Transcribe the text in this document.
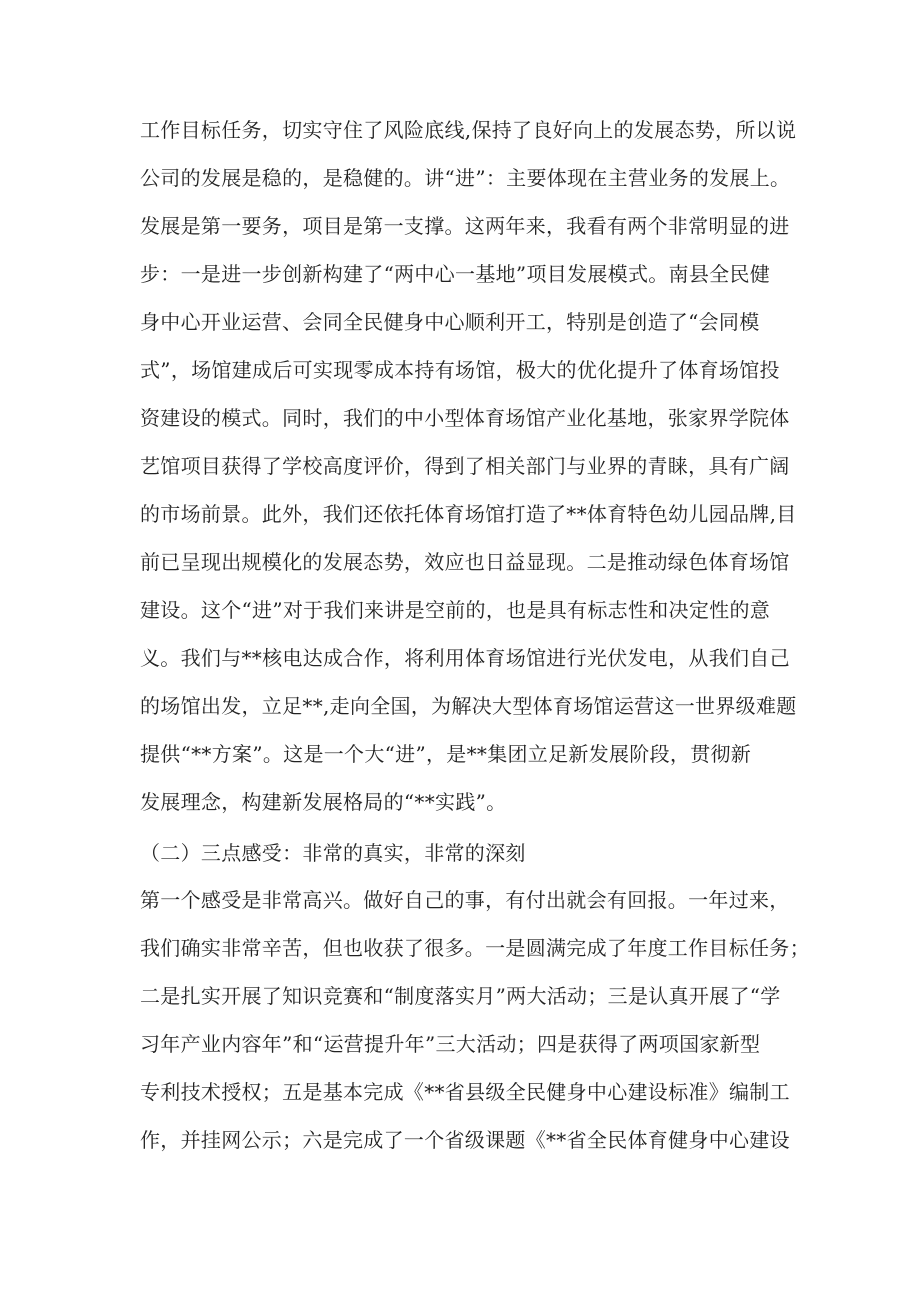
工作目标任务，切实守住了风险底线,保持了良好向上的发展态势，所以说
公司的发展是稳的，是稳健的。讲“进”：主要体现在主营业务的发展上。
发展是第一要务，项目是第一支撑。这两年来，我看有两个非常明显的进
步：一是进一步创新构建了“两中心一基地”项目发展模式。南县全民健
身中心开业运营、会同全民健身中心顺利开工，特别是创造了“会同模
式”，场馆建成后可实现零成本持有场馆，极大的优化提升了体育场馆投
资建设的模式。同时，我们的中小型体育场馆产业化基地，张家界学院体
艺馆项目获得了学校高度评价，得到了相关部门与业界的青睐，具有广阔
的市场前景。此外，我们还依托体育场馆打造了**体育特色幼儿园品牌,目
前已呈现出规模化的发展态势，效应也日益显现。二是推动绿色体育场馆
建设。这个“进”对于我们来讲是空前的，也是具有标志性和决定性的意
义。我们与**核电达成合作，将利用体育场馆进行光伏发电，从我们自己
的场馆出发，立足**,走向全国，为解决大型体育场馆运营这一世界级难题
提供“**方案”。这是一个大“进”，是**集团立足新发展阶段，贯彻新
发展理念，构建新发展格局的“**实践”。
（二）三点感受：非常的真实，非常的深刻
第一个感受是非常高兴。做好自己的事，有付出就会有回报。一年过来，
我们确实非常辛苦，但也收获了很多。一是圆满完成了年度工作目标任务；
二是扎实开展了知识竞赛和“制度落实月”两大活动；三是认真开展了“学
习年产业内容年”和“运营提升年”三大活动；四是获得了两项国家新型
专利技术授权；五是基本完成《**省县级全民健身中心建设标准》编制工
作，并挂网公示；六是完成了一个省级课题《**省全民体育健身中心建设
